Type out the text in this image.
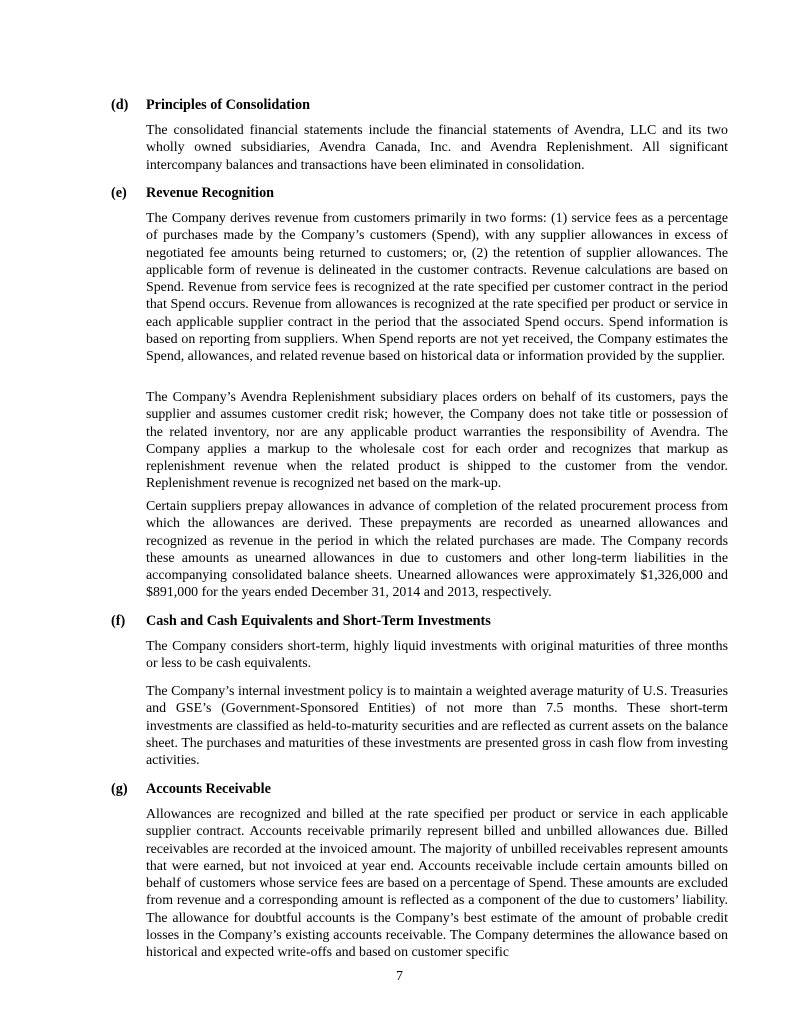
(d) Principles of Consolidation

The consolidated financial statements include the financial statements of Avendra, LLC and its two wholly owned subsidiaries, Avendra Canada, Inc. and Avendra Replenishment. All significant intercompany balances and transactions have been eliminated in consolidation.

(e) Revenue Recognition

The Company derives revenue from customers primarily in two forms: (1) service fees as a percentage of purchases made by the Company’s customers (Spend), with any supplier allowances in excess of negotiated fee amounts being returned to customers; or, (2) the retention of supplier allowances. The applicable form of revenue is delineated in the customer contracts. Revenue calculations are based on Spend. Revenue from service fees is recognized at the rate specified per customer contract in the period that Spend occurs. Revenue from allowances is recognized at the rate specified per product or service in each applicable supplier contract in the period that the associated Spend occurs. Spend information is based on reporting from suppliers. When Spend reports are not yet received, the Company estimates the Spend, allowances, and related revenue based on historical data or information provided by the supplier.

The Company’s Avendra Replenishment subsidiary places orders on behalf of its customers, pays the supplier and assumes customer credit risk; however, the Company does not take title or possession of the related inventory, nor are any applicable product warranties the responsibility of Avendra. The Company applies a markup to the wholesale cost for each order and recognizes that markup as replenishment revenue when the related product is shipped to the customer from the vendor. Replenishment revenue is recognized net based on the mark-up.

Certain suppliers prepay allowances in advance of completion of the related procurement process from which the allowances are derived. These prepayments are recorded as unearned allowances and recognized as revenue in the period in which the related purchases are made. The Company records these amounts as unearned allowances in due to customers and other long-term liabilities in the accompanying consolidated balance sheets. Unearned allowances were approximately $1,326,000 and $891,000 for the years ended December 31, 2014 and 2013, respectively.

(f) Cash and Cash Equivalents and Short-Term Investments

The Company considers short-term, highly liquid investments with original maturities of three months or less to be cash equivalents.

The Company’s internal investment policy is to maintain a weighted average maturity of U.S. Treasuries and GSE’s (Government-Sponsored Entities) of not more than 7.5 months. These short-term investments are classified as held-to-maturity securities and are reflected as current assets on the balance sheet. The purchases and maturities of these investments are presented gross in cash flow from investing activities.

(g) Accounts Receivable

Allowances are recognized and billed at the rate specified per product or service in each applicable supplier contract. Accounts receivable primarily represent billed and unbilled allowances due. Billed receivables are recorded at the invoiced amount. The majority of unbilled receivables represent amounts that were earned, but not invoiced at year end. Accounts receivable include certain amounts billed on behalf of customers whose service fees are based on a percentage of Spend. These amounts are excluded from revenue and a corresponding amount is reflected as a component of the due to customers’ liability. The allowance for doubtful accounts is the Company’s best estimate of the amount of probable credit losses in the Company’s existing accounts receivable. The Company determines the allowance based on historical and expected write-offs and based on customer specific

7
